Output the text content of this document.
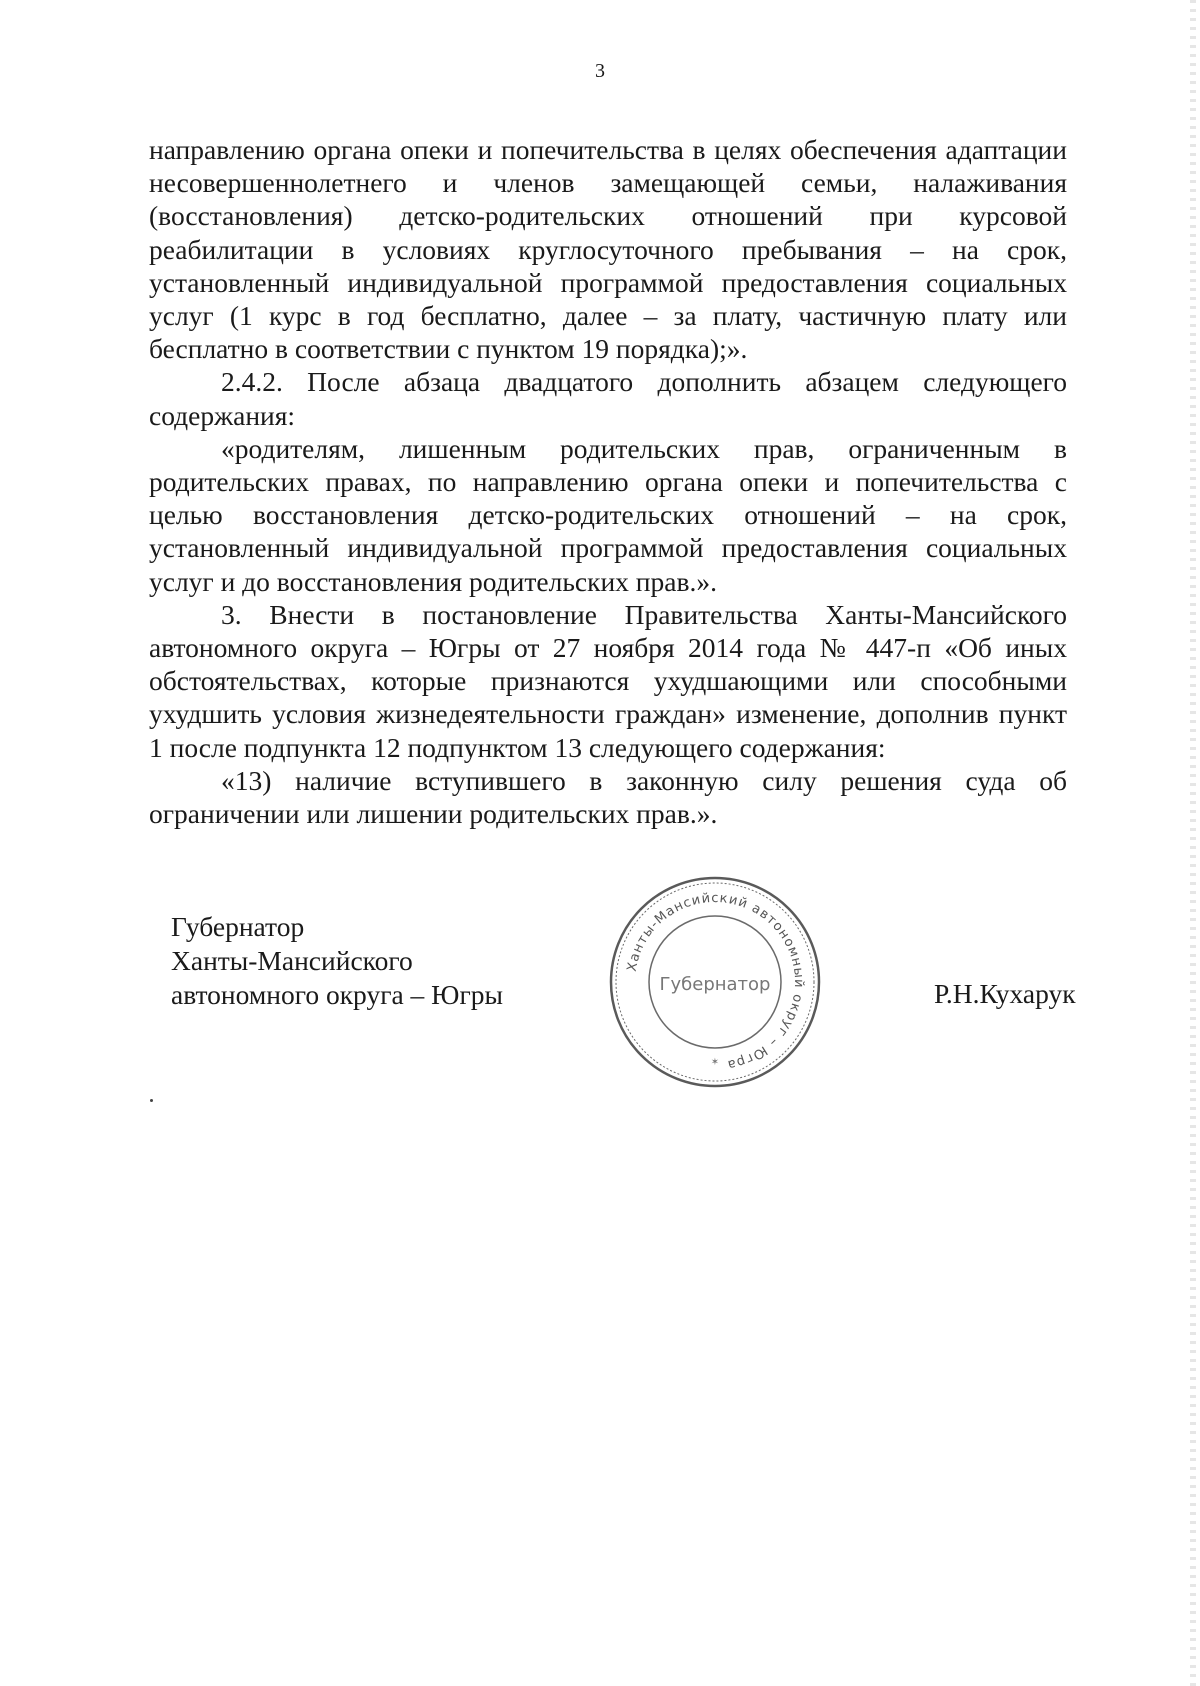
3

направлению органа опеки и попечительства в целях обеспечения адаптации несовершеннолетнего и членов замещающей семьи, налаживания (восстановления) детско-родительских отношений при курсовой реабилитации в условиях круглосуточного пребывания – на срок, установленный индивидуальной программой предоставления социальных услуг (1 курс в год бесплатно, далее – за плату, частичную плату или бесплатно в соответствии с пунктом 19 порядка);».

2.4.2. После абзаца двадцатого дополнить абзацем следующего содержания:

«родителям, лишенным родительских прав, ограниченным в родительских правах, по направлению органа опеки и попечительства с целью восстановления детско-родительских отношений – на срок, установленный индивидуальной программой предоставления социальных услуг и до восстановления родительских прав.».

3. Внести в постановление Правительства Ханты-Мансийского автономного округа – Югры от 27 ноября 2014 года № 447-п «Об иных обстоятельствах, которые признаются ухудшающими или способными ухудшить условия жизнедеятельности граждан» изменение, дополнив пункт 1 после подпункта 12 подпунктом 13 следующего содержания:

«13) наличие вступившего в законную силу решения суда об ограничении или лишении родительских прав.».

Губернатор
Ханты-Мансийского
автономного округа – Югры
Ханты-Мансийский автономный округ – Югра
Губернатор
✶
Р.Н.Кухарук
